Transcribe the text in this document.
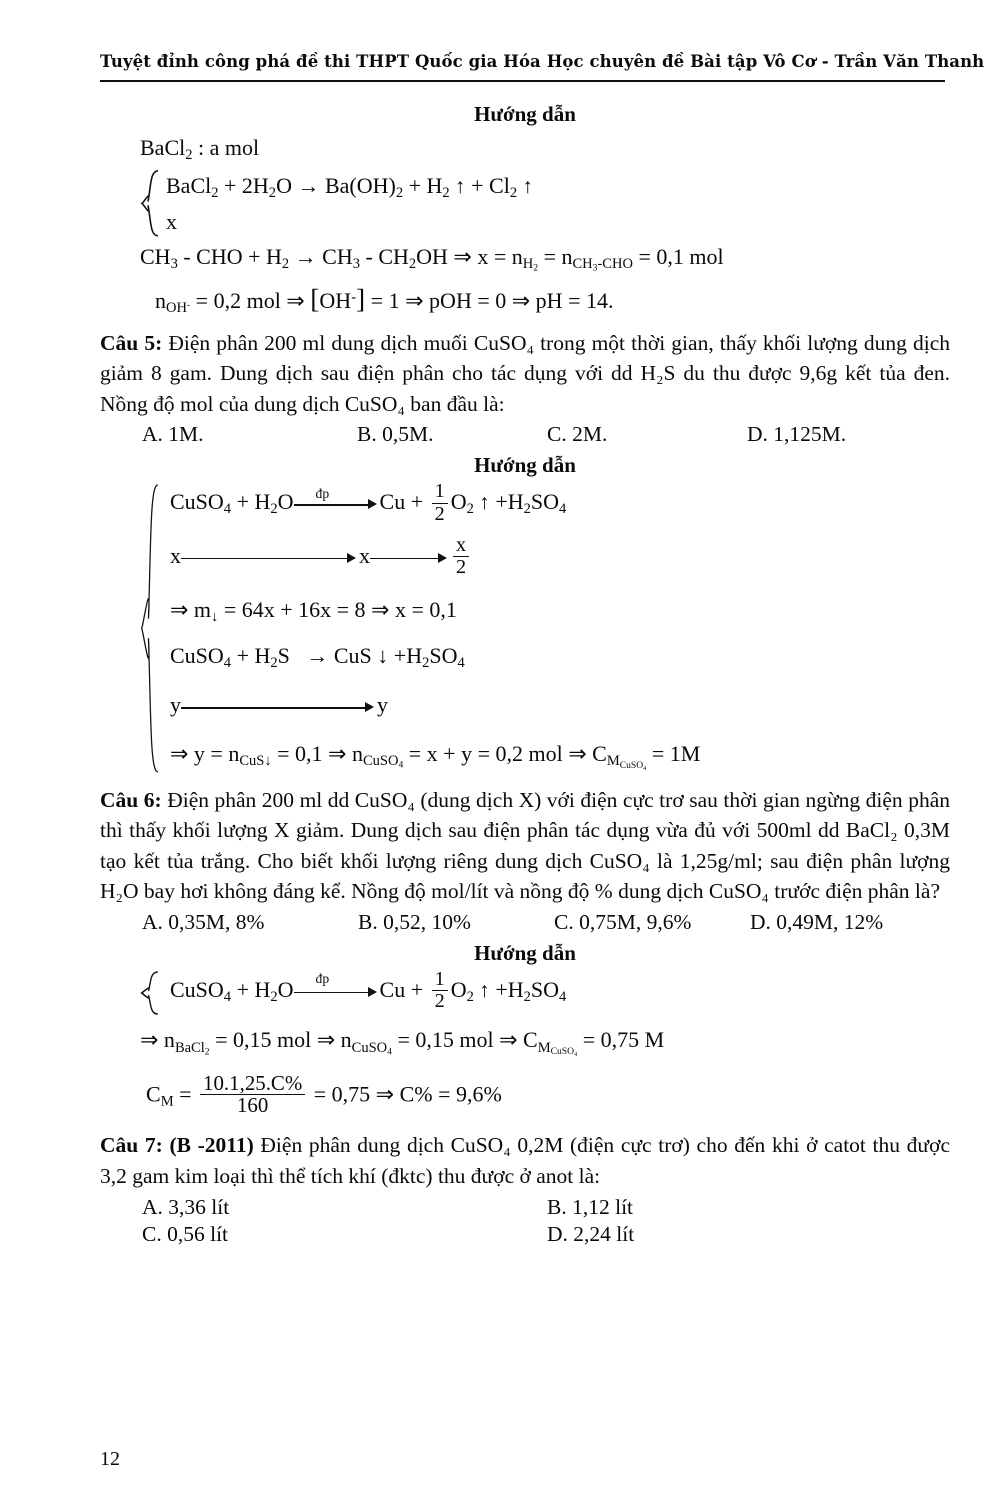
Tuyệt đỉnh công phá đề thi THPT Quốc gia Hóa Học chuyên đề Bài tập Vô Cơ - Trần Văn Thanh
Hướng dẫn
BaCl$_2$ : a mol
BaCl$_2$ + $2H_2O \to Ba(OH)_2 + H_2$ ↑ + $Cl_2$ ↑
x
$CH_3$ - CHO + $H_2 \to CH_3 - CH_2OH$ ⇒ $x = n_{H_2} = n_{CH_3-CHO} = 0,1$ mol
$n_{OH^-} = 0,2$ mol ⇒ [OH-] = 1 ⇒ pOH = 0 ⇒ pH = 14.
Câu 5: Điện phân 200 ml dung dịch muối CuSO₄ trong một thời gian, thấy khối lượng dung dịch giảm 8 gam. Dung dịch sau điện phân cho tác dụng với dd H₂S du thu được 9,6g kết tủa đen. Nồng độ mol của dung dịch CuSO₄ ban đầu là:
A. 1M.	B. 0,5M.	C. 2M.	D. 1,125M.
Hướng dẫn
CuSO$_4$ + $H_2O$ đp $Cu + \frac{1}{2} O_2$ ↑ $+H_2SO_4$
x	x	$\frac{x}{2}$
⇒ $m_↓ = 64x + 16x = 8$ ⇒ x = 0,1
CuSO$_4$ + $H_2S$   → CuS ↓ $+H_2SO_4$
y	y
⇒ $y = n_{CuS↓} = 0,1$ ⇒ $n_{CuSO_4} = x + y = 0,2$ mol ⇒ $C_{M_{CuSO_4}} = 1M$
Câu 6: Điện phân 200 ml dd CuSO₄ (dung dịch X) với điện cực trơ sau thời gian ngừng điện phân thì thấy khối lượng X giảm. Dung dịch sau điện phân tác dụng vừa đủ với 500ml dd BaCl₂ 0,3M tạo kết tủa trắng. Cho biết khối lượng riêng dung dịch CuSO₄ là 1,25g/ml; sau điện phân lượng H₂O bay hơi không đáng kể. Nồng độ mol/lít và nồng độ % dung dịch CuSO₄ trước điện phân là?
A. 0,35M, 8%	B. 0,52, 10%	C. 0,75M, 9,6%	D. 0,49M, 12%
Hướng dẫn
CuSO$_4$ + $H_2O$ đp $Cu + \frac{1}{2} O_2$ ↑ $+H_2SO_4$
⇒ $n_{BaCl_2} = 0,15$ mol ⇒ $n_{CuSO_4} = 0,15$ mol ⇒ $C_{M_{CuSO_4}} = 0,75$ M
$C_M = \frac{10.1,25.C\%}{160} = 0,75$ ⇒ C% = 9,6%
Câu 7: (B -2011) Điện phân dung dịch CuSO₄ 0,2M (điện cực trơ) cho đến khi ở catot thu được 3,2 gam kim loại thì thể tích khí (đktc) thu được ở anot là:
A. 3,36 lít	B. 1,12 lít
C. 0,56 lít	D. 2,24 lít
12
